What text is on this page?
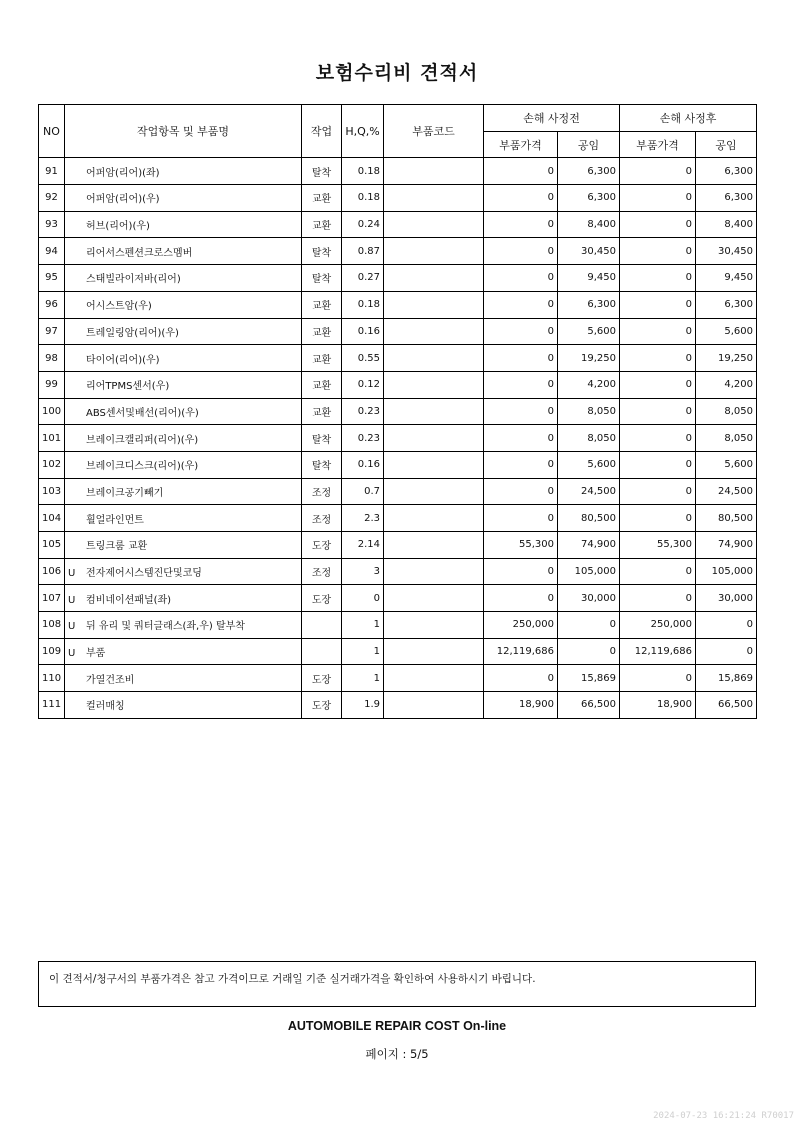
보험수리비 견적서
NO	작업항목 및 부품명	작업	H,Q,%	부품코드	손해 사정전		손해 사정후	
					부품가격	공임	부품가격	공임
91	어퍼암(리어)(좌)	탈착	0.18		0	6,300	0	6,300
92	어퍼암(리어)(우)	교환	0.18		0	6,300	0	6,300
93	허브(리어)(우)	교환	0.24		0	8,400	0	8,400
94	리어서스펜션크로스멤버	탈착	0.87		0	30,450	0	30,450
95	스태빌라이저바(리어)	탈착	0.27		0	9,450	0	9,450
96	어시스트암(우)	교환	0.18		0	6,300	0	6,300
97	트레일링암(리어)(우)	교환	0.16		0	5,600	0	5,600
98	타이어(리어)(우)	교환	0.55		0	19,250	0	19,250
99	리어TPMS센서(우)	교환	0.12		0	4,200	0	4,200
100	ABS센서및배선(리어)(우)	교환	0.23		0	8,050	0	8,050
101	브레이크캘리퍼(리어)(우)	탈착	0.23		0	8,050	0	8,050
102	브레이크디스크(리어)(우)	탈착	0.16		0	5,600	0	5,600
103	브레이크공기빼기	조정	0.7		0	24,500	0	24,500
104	휠얼라인먼트	조정	2.3		0	80,500	0	80,500
105	트링크룸 교환	도장	2.14		55,300	74,900	55,300	74,900
106	U 전자제어시스템진단및코딩	조정	3		0	105,000	0	105,000
107	U 컴비네이션패널(좌)	도장	0		0	30,000	0	30,000
108	U 뒤 유리 및 쿼터글래스(좌,우) 탈부착		1		250,000	0	250,000	0
109	U 부품		1		12,119,686	0	12,119,686	0
110	가열건조비	도장	1		0	15,869	0	15,869
111	컬러매칭	도장	1.9		18,900	66,500	18,900	66,500
이 견적서/청구서의 부품가격은 참고 가격이므로 거래일 기준 실거래가격을 확인하여 사용하시기 바립니다.
AUTOMOBILE REPAIR COST On-line
페이지 : 5/5
2024-07-23 16:21:24 R70017
